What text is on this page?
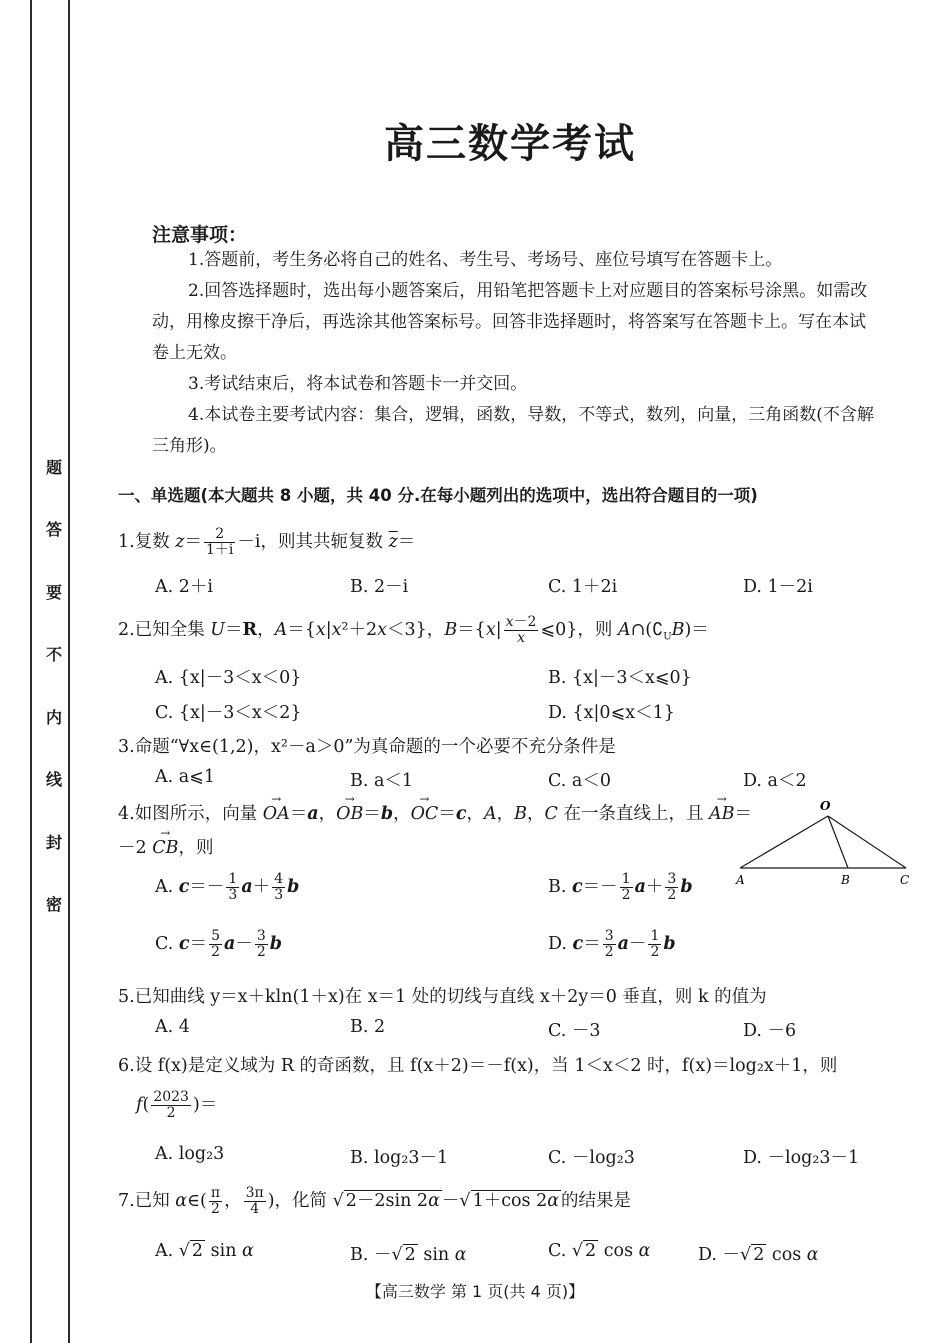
题
答
要
不
内
线
封
密
高三数学考试
注意事项：
1.答题前，考生务必将自己的姓名、考生号、考场号、座位号填写在答题卡上。
2.回答选择题时，选出每小题答案后，用铅笔把答题卡上对应题目的答案标号涂黑。如需改动，用橡皮擦干净后，再选涂其他答案标号。回答非选择题时，将答案写在答题卡上。写在本试卷上无效。
3.考试结束后，将本试卷和答题卡一并交回。
4.本试卷主要考试内容：集合，逻辑，函数，导数，不等式，数列，向量，三角函数(不含解三角形)。
一、单选题(本大题共 8 小题，共 40 分.在每小题列出的选项中，选出符合题目的一项)
1.复数 $z= \frac{2}{1+i} -i$，则其共轭复数 $\overline{z}=$
A. 2＋i	B. 2－i	C. 1＋2i	D. 1－2i
2.已知全集 U＝R，A＝{x|x²＋2x＜3}，$B=\{x| \frac{x-2}{x}$ ⩽0}，则 $A\cap(∁_UB)=$
A. {x|－3＜x＜0}	B. {x|－3＜x⩽0}
C. {x|－3＜x＜2}	D. {x|0⩽x＜1}
3.命题“∀x∈(1,2)，x²－a＞0”为真命题的一个必要不充分条件是
A. a⩽1	B. a＜1	C. a＜0	D. a＜2
4.如图所示，向量 → OA＝a，→ OB＝b，→ OC＝c，A，B，C 在一条直线上，且 → AB＝
－2 → CB，则
O
A	B	C
A. $c=- \frac{1}{3} a+ \frac{4}{3}$ b	B. $c=- \frac{1}{2} a+ \frac{3}{2}$ b
C. $c= \frac{5}{2} a- \frac{3}{2}$ b	D. $c= \frac{3}{2} a- \frac{1}{2}$ b
5.已知曲线 y＝x＋kln(1＋x)在 x＝1 处的切线与直线 x＋2y＝0 垂直，则 k 的值为
A. 4	B. 2	C. －3	D. －6
6.设 f(x)是定义域为 R 的奇函数，且 f(x＋2)＝－f(x)，当 1＜x＜2 时，f(x)＝log₂x＋1，则
$f( \frac{2023}{2}$ )＝
A. log₂3	B. log₂3－1	C. －log₂3	D. －log₂3－1
7.已知 α∈( $\frac{\pi}{2}$ ， $\frac{3\pi}{4}$ )，化简 √ 2－2sin 2α －√ 1＋cos 2α 的结果是
A. √ 2 sin α	B. －√ 2 sin α	C. √ 2 cos α	D. －√ 2 cos α
【高三数学 第 1 页(共 4 页)】
